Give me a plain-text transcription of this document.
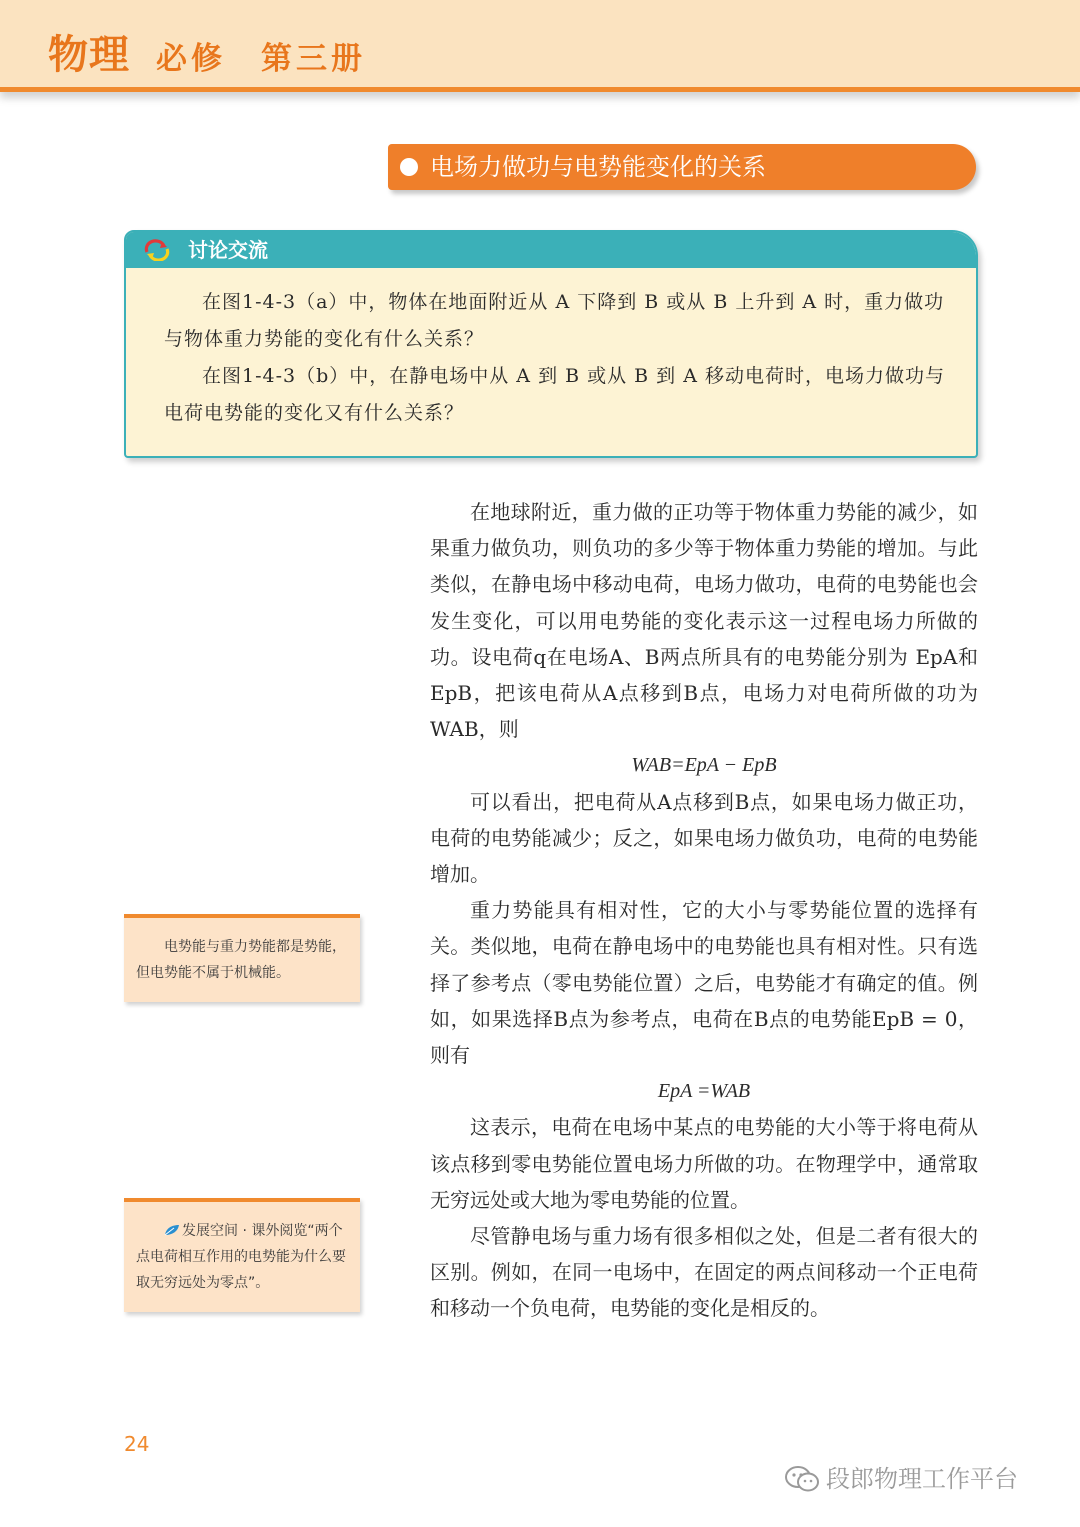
物理 必修　第三册
电场力做功与电势能变化的关系
讨论交流

在图1-4-3（a）中，物体在地面附近从 A 下降到 B 或从 B 上升到 A 时，重力做功与物体重力势能的变化有什么关系？

在图1-4-3（b）中，在静电场中从 A 到 B 或从 B 到 A 移动电荷时，电场力做功与电荷电势能的变化又有什么关系？

电势能与重力势能都是势能，但电势能不属于机械能。

发展空间 · 课外阅览“两个点电荷相互作用的电势能为什么要取无穷远处为零点”。

在地球附近，重力做的正功等于物体重力势能的减少，如果重力做负功，则负功的多少等于物体重力势能的增加。与此类似，在静电场中移动电荷，电场力做功，电荷的电势能也会发生变化，可以用电势能的变化表示这一过程电场力所做的功。设电荷q在电场A、B两点所具有的电势能分别为 EpA和EpB，把该电荷从A点移到B点，电场力对电荷所做的功为WAB，则

WAB=EpA − EpB

可以看出，把电荷从A点移到B点，如果电场力做正功，电荷的电势能减少；反之，如果电场力做负功，电荷的电势能增加。

重力势能具有相对性，它的大小与零势能位置的选择有关。类似地，电荷在静电场中的电势能也具有相对性。只有选择了参考点（零电势能位置）之后，电势能才有确定的值。例如，如果选择B点为参考点，电荷在B点的电势能EpB = 0，则有

EpA =WAB

这表示，电荷在电场中某点的电势能的大小等于将电荷从该点移到零电势能位置电场力所做的功。在物理学中，通常取无穷远处或大地为零电势能的位置。

尽管静电场与重力场有很多相似之处，但是二者有很大的区别。例如，在同一电场中，在固定的两点间移动一个正电荷和移动一个负电荷，电势能的变化是相反的。

24
段郎物理工作平台
